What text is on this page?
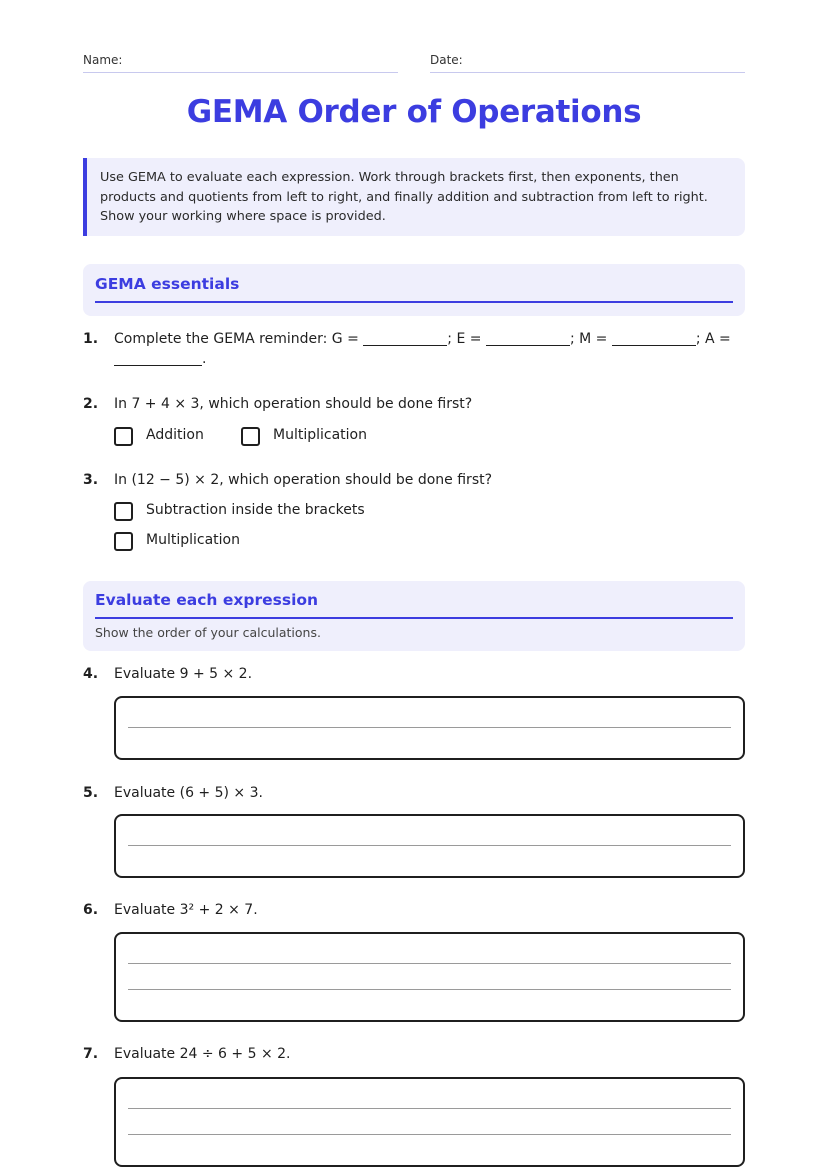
Name:	Date:
GEMA Order of Operations
Use GEMA to evaluate each expression. Work through brackets first, then exponents, then products and quotients from left to right, and finally addition and subtraction from left to right. Show your working where space is provided.
GEMA essentials
1. Complete the GEMA reminder: G =	; E =	; M =	; A =
.
2. In 7 + 4 × 3, which operation should be done first?
Addition	Multiplication
3. In (12 − 5) × 2, which operation should be done first?
Subtraction inside the brackets
Multiplication
Evaluate each expression
Show the order of your calculations.
4. Evaluate 9 + 5 × 2.
5. Evaluate (6 + 5) × 3.
6. Evaluate 3² + 2 × 7.
7. Evaluate 24 ÷ 6 + 5 × 2.
